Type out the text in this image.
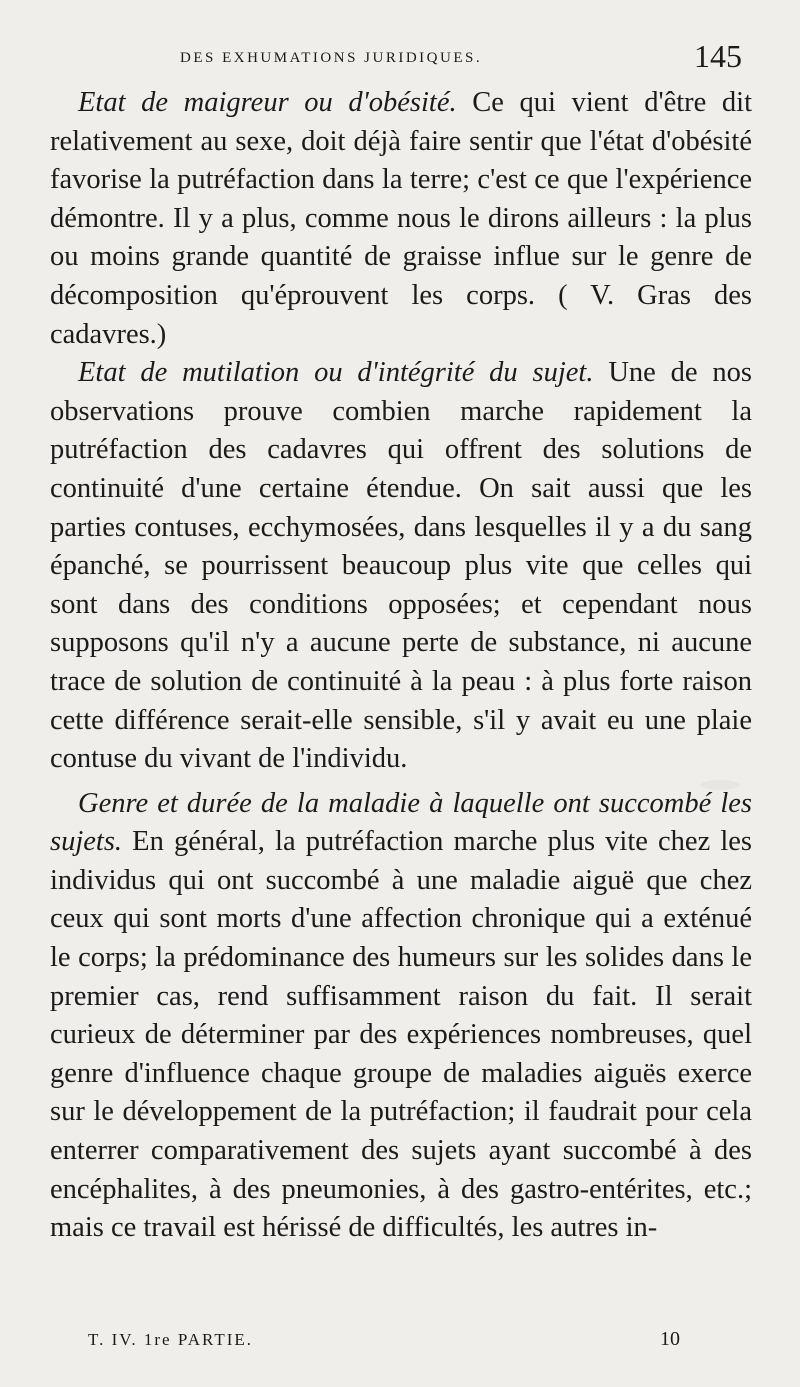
DES EXHUMATIONS JURIDIQUES.	145

Etat de maigreur ou d'obésité. Ce qui vient d'être dit relativement au sexe, doit déjà faire sentir que l'état d'obésité favorise la putréfaction dans la terre; c'est ce que l'expérience démontre. Il y a plus, comme nous le dirons ailleurs : la plus ou moins grande quantité de graisse influe sur le genre de décomposition qu'éprouvent les corps. ( V. Gras des cadavres.)

Etat de mutilation ou d'intégrité du sujet. Une de nos observations prouve combien marche rapidement la putréfaction des cadavres qui offrent des solutions de continuité d'une certaine étendue. On sait aussi que les parties contuses, ecchymosées, dans lesquelles il y a du sang épanché, se pourrissent beaucoup plus vite que celles qui sont dans des conditions opposées; et cependant nous supposons qu'il n'y a aucune perte de substance, ni aucune trace de solution de continuité à la peau : à plus forte raison cette différence serait-elle sensible, s'il y avait eu une plaie contuse du vivant de l'individu.

Genre et durée de la maladie à laquelle ont succombé les sujets. En général, la putréfaction marche plus vite chez les individus qui ont succombé à une maladie aiguë que chez ceux qui sont morts d'une affection chronique qui a exténué le corps; la prédominance des humeurs sur les solides dans le premier cas, rend suffisamment raison du fait. Il serait curieux de déterminer par des expériences nombreuses, quel genre d'influence chaque groupe de maladies aiguës exerce sur le développement de la putréfaction; il faudrait pour cela enterrer comparativement des sujets ayant succombé à des encéphalites, à des pneumonies, à des gastro-entérites, etc.; mais ce travail est hérissé de difficultés, les autres in-

T. IV. 1re PARTIE.	10
